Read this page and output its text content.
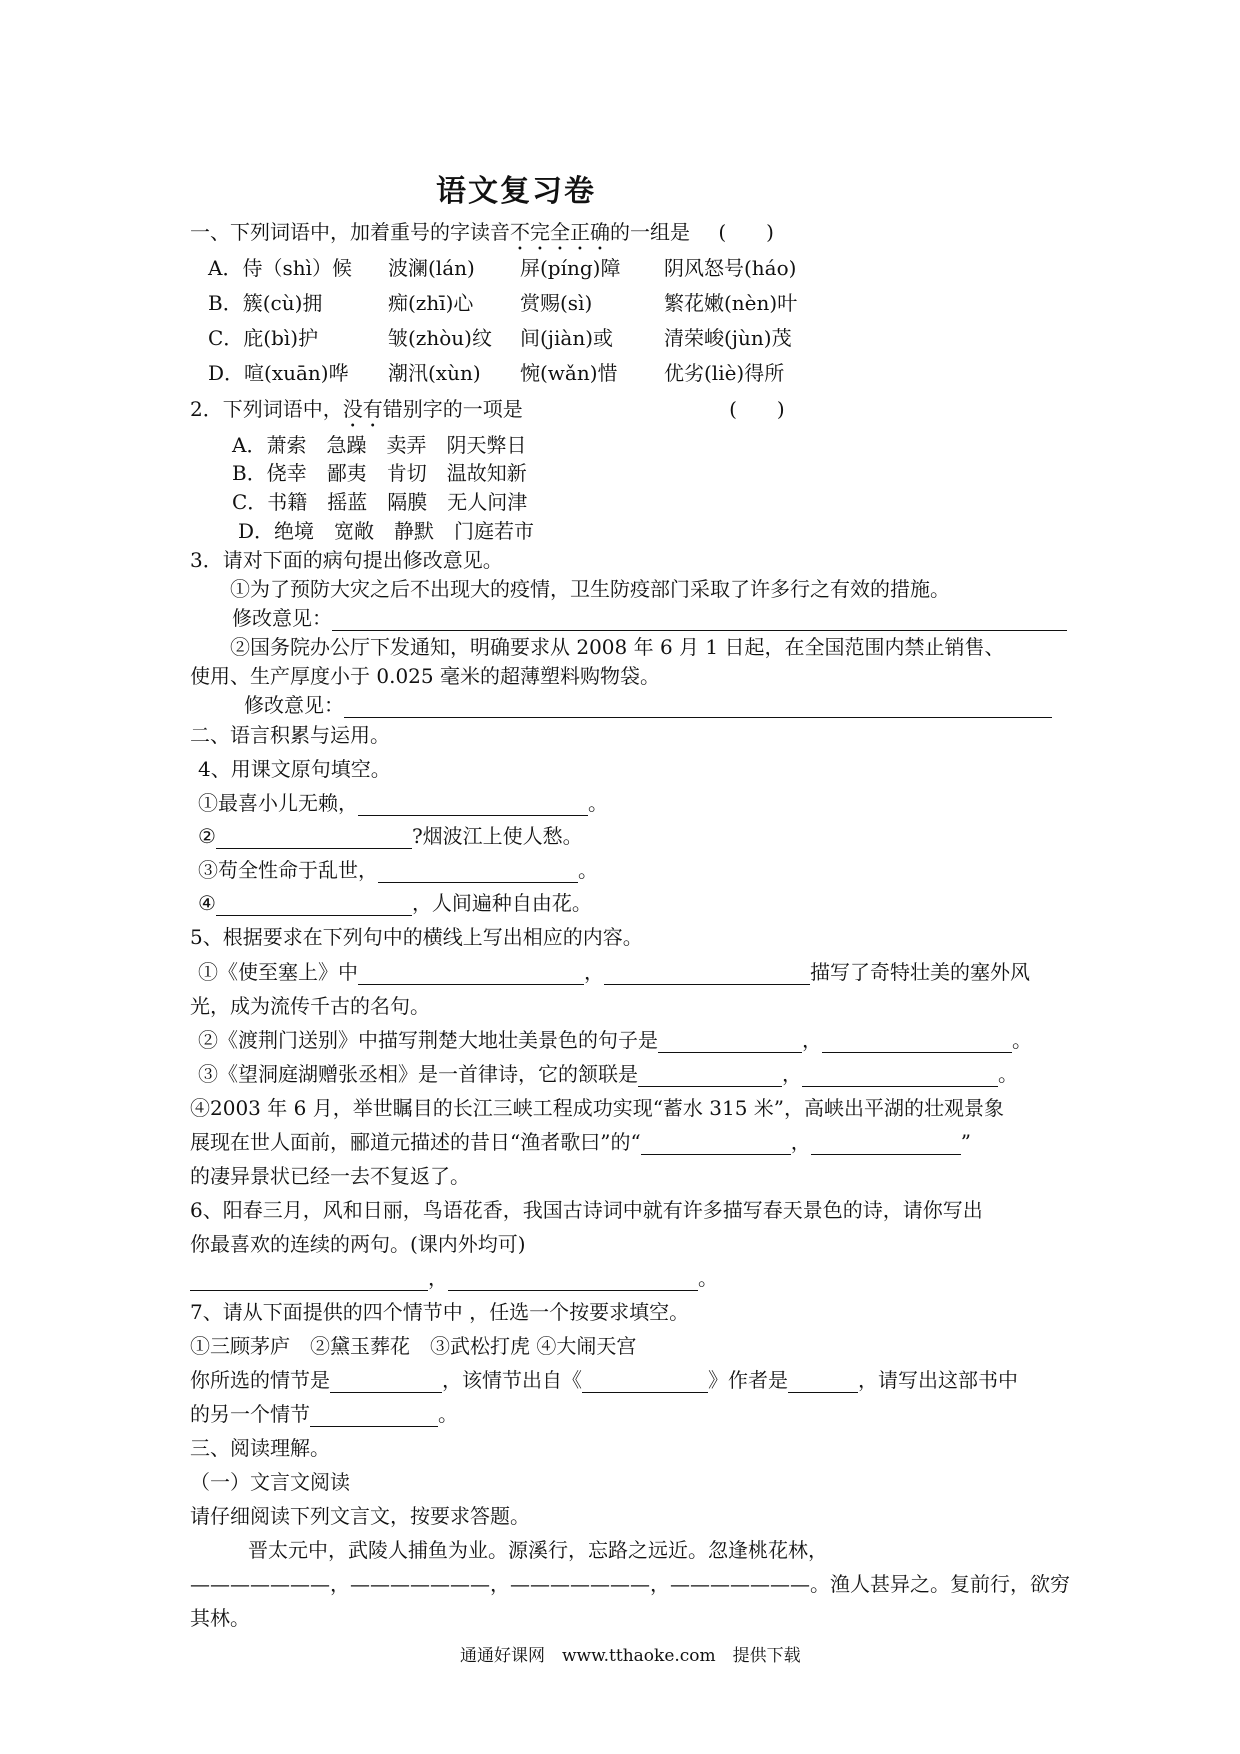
语文复习卷
一、下列词语中，加着重号的字读音不完全正确的一组是 (　　)
A．侍（shì）候 波澜(lán) 屏(píng)障 阴风怒号(háo)
B．簇(cù)拥	痴(zhī)心 赏赐(sì)	繁花嫩(nèn)叶
C．庇(bì)护	皱(zhòu)纹 间(jiàn)或	清荣峻(jùn)茂
D．喧(xuān)哗 潮汛(xùn) 惋(wǎn)惜 优劣(liè)得所
2．下列词语中，没有错别字的一项是	(　　)
A．萧索　急躁　卖弄　阴天弊日
B．侥幸　鄙夷　肯切　温故知新
C．书籍　摇蓝　隔膜　无人问津
D．绝境　宽敞　静默　门庭若市
3．请对下面的病句提出修改意见。
①为了预防大灾之后不出现大的疫情，卫生防疫部门采取了许多行之有效的措施。
修改意见：
②国务院办公厅下发通知，明确要求从 2008 年 6 月 1 日起，在全国范围内禁止销售、
使用、生产厚度小于 0.025 毫米的超薄塑料购物袋。
修改意见：
二、语言积累与运用。
4、用课文原句填空。
①最喜小儿无赖，	。
②	?烟波江上使人愁。
③苟全性命于乱世，	。
④	，人间遍种自由花。
5、根据要求在下列句中的横线上写出相应的内容。
①《使至塞上》中	，	描写了奇特壮美的塞外风
光，成为流传千古的名句。
②《渡荆门送别》中描写荆楚大地壮美景色的句子是	，	。
③《望洞庭湖赠张丞相》是一首律诗，它的颔联是	，	。
④2003 年 6 月，举世瞩目的长江三峡工程成功实现“蓄水 315 米”，高峡出平湖的壮观景象
展现在世人面前，郦道元描述的昔日“渔者歌曰”的“	，	”
的凄异景状已经一去不复返了。
6、阳春三月，风和日丽，鸟语花香，我国古诗词中就有许多描写春天景色的诗，请你写出
你最喜欢的连续的两句。(课内外均可)
，	。
7、请从下面提供的四个情节中 ，任选一个按要求填空。
①三顾茅庐　②黛玉葬花　③武松打虎 ④大闹天宫
你所选的情节是	，该情节出自《	》作者是	，请写出这部书中
的另一个情节	。
三、阅读理解。
（一）文言文阅读
请仔细阅读下列文言文，按要求答题。
晋太元中，武陵人捕鱼为业。源溪行，忘路之远近。忽逢桃花林，
———————，———————，———————，———————。渔人甚异之。复前行，欲穷
其林。
通通好课网　www.tthaoke.com　提供下载
